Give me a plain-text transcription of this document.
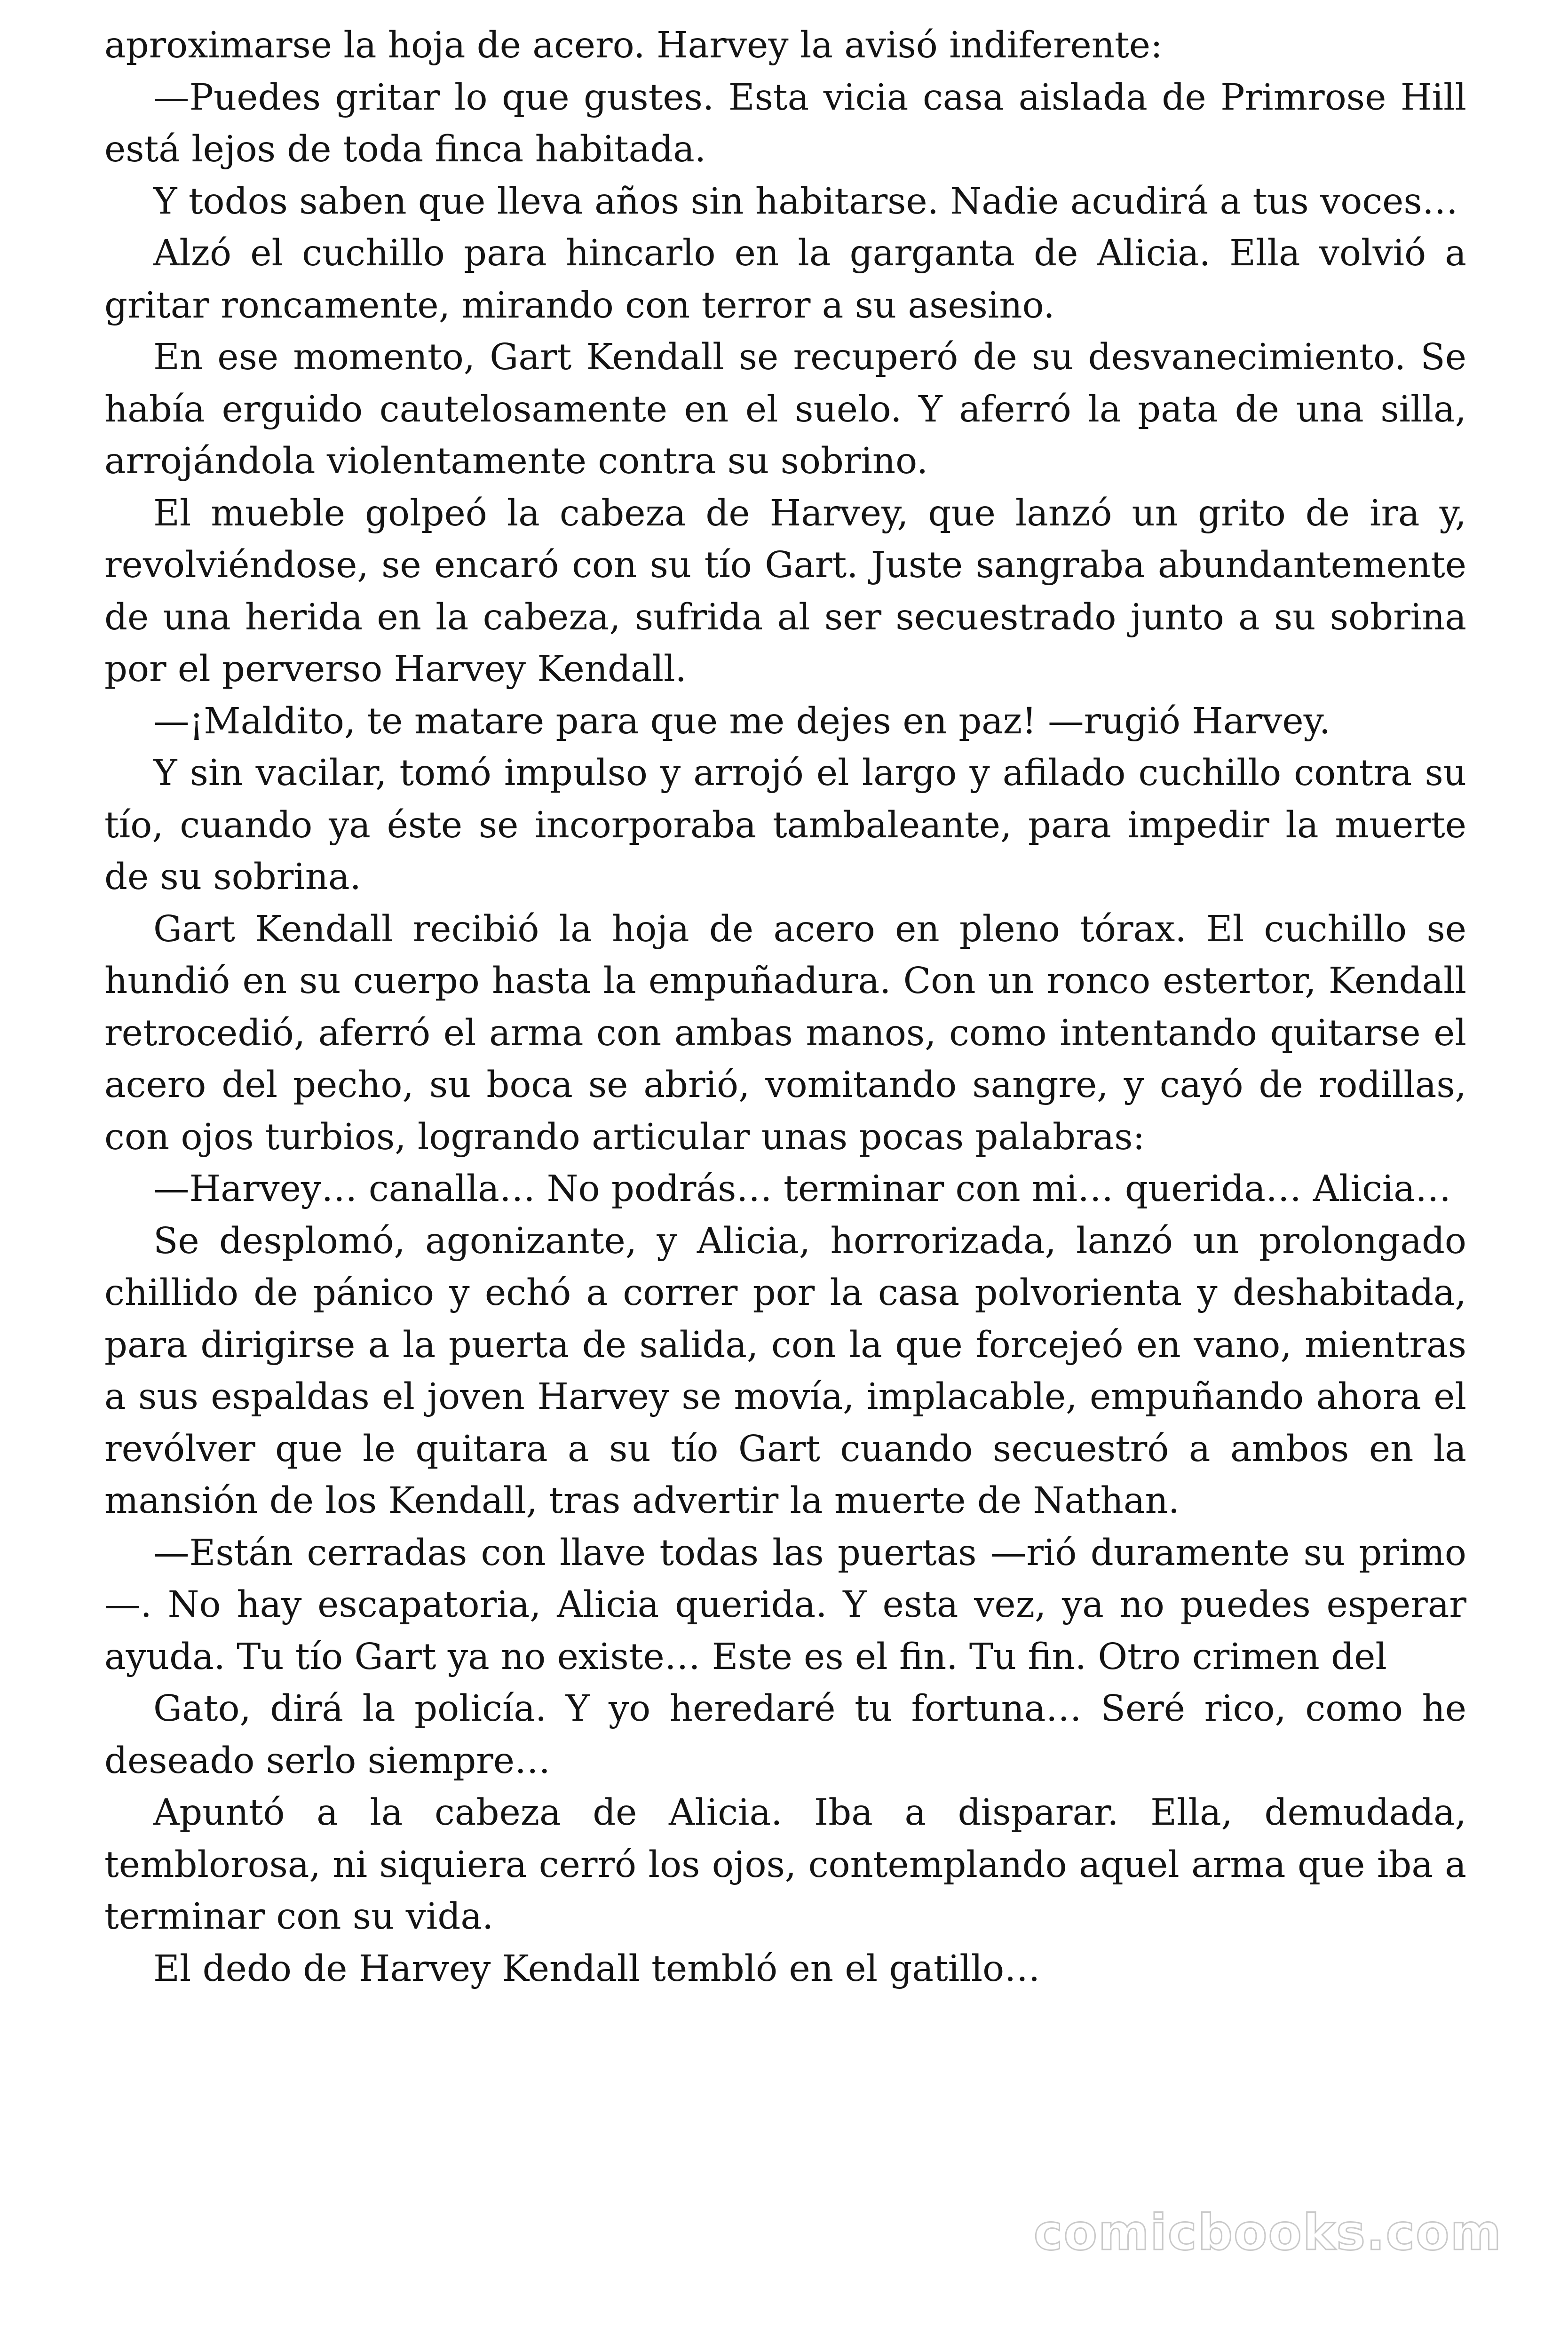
aproximarse la hoja de acero. Harvey la avisó indiferente:

—Puedes gritar lo que gustes. Esta vicia casa aislada de Primrose Hill está lejos de toda finca habitada.

Y todos saben que lleva años sin habitarse. Nadie acudirá a tus voces…

Alzó el cuchillo para hincarlo en la garganta de Alicia. Ella volvió a gritar roncamente, mirando con terror a su asesino.

En ese momento, Gart Kendall se recuperó de su desvanecimiento. Se había erguido cautelosamente en el suelo. Y aferró la pata de una silla, arrojándola violentamente contra su sobrino.

El mueble golpeó la cabeza de Harvey, que lanzó un grito de ira y, revolviéndose, se encaró con su tío Gart. Juste sangraba abundantemente de una herida en la cabeza, sufrida al ser secuestrado junto a su sobrina por el perverso Harvey Kendall.

—¡Maldito, te matare para que me dejes en paz! —rugió Harvey.

Y sin vacilar, tomó impulso y arrojó el largo y afilado cuchillo contra su tío, cuando ya éste se incorporaba tambaleante, para impedir la muerte de su sobrina.

Gart Kendall recibió la hoja de acero en pleno tórax. El cuchillo se hundió en su cuerpo hasta la empuñadura. Con un ronco estertor, Kendall retrocedió, aferró el arma con ambas manos, como intentando quitarse el acero del pecho, su boca se abrió, vomitando sangre, y cayó de rodillas, con ojos turbios, logrando articular unas pocas palabras:

—Harvey… canalla… No podrás… terminar con mi… querida… Alicia…

Se desplomó, agonizante, y Alicia, horrorizada, lanzó un prolongado chillido de pánico y echó a correr por la casa polvorienta y deshabitada, para dirigirse a la puerta de salida, con la que forcejeó en vano, mientras a sus espaldas el joven Harvey se movía, implacable, empuñando ahora el revólver que le quitara a su tío Gart cuando secuestró a ambos en la mansión de los Kendall, tras advertir la muerte de Nathan.

—Están cerradas con llave todas las puertas —rió duramente su primo—. No hay escapatoria, Alicia querida. Y esta vez, ya no puedes esperar ayuda. Tu tío Gart ya no existe… Este es el fin. Tu fin. Otro crimen del

Gato, dirá la policía. Y yo heredaré tu fortuna… Seré rico, como he deseado serlo siempre…

Apuntó a la cabeza de Alicia. Iba a disparar. Ella, demudada, temblorosa, ni siquiera cerró los ojos, contemplando aquel arma que iba a terminar con su vida.

El dedo de Harvey Kendall tembló en el gatillo…

comicbooks.com
